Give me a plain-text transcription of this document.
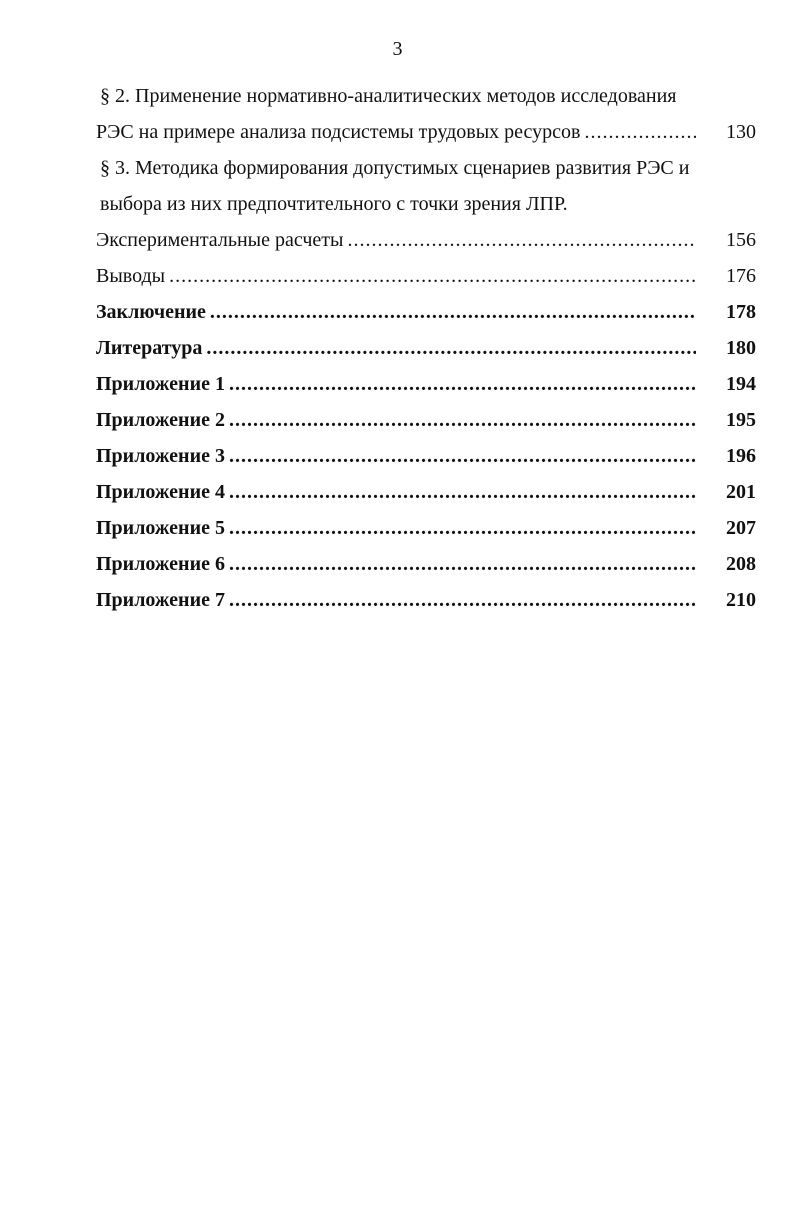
3
§ 2. Применение нормативно-аналитических методов исследования
РЭС на примере анализа подсистемы трудовых ресурсов .....	130
§ 3. Методика формирования допустимых сценариев развития РЭС и
выбора из них предпочтительного с точки зрения ЛПР.
Экспериментальные расчеты .....	156
Выводы .....	176
Заключение .....	178
Литература .....	180
Приложение 1 .....	194
Приложение 2 .....	195
Приложение 3 .....	196
Приложение 4 .....	201
Приложение 5 .....	207
Приложение 6 .....	208
Приложение 7 .....	210
